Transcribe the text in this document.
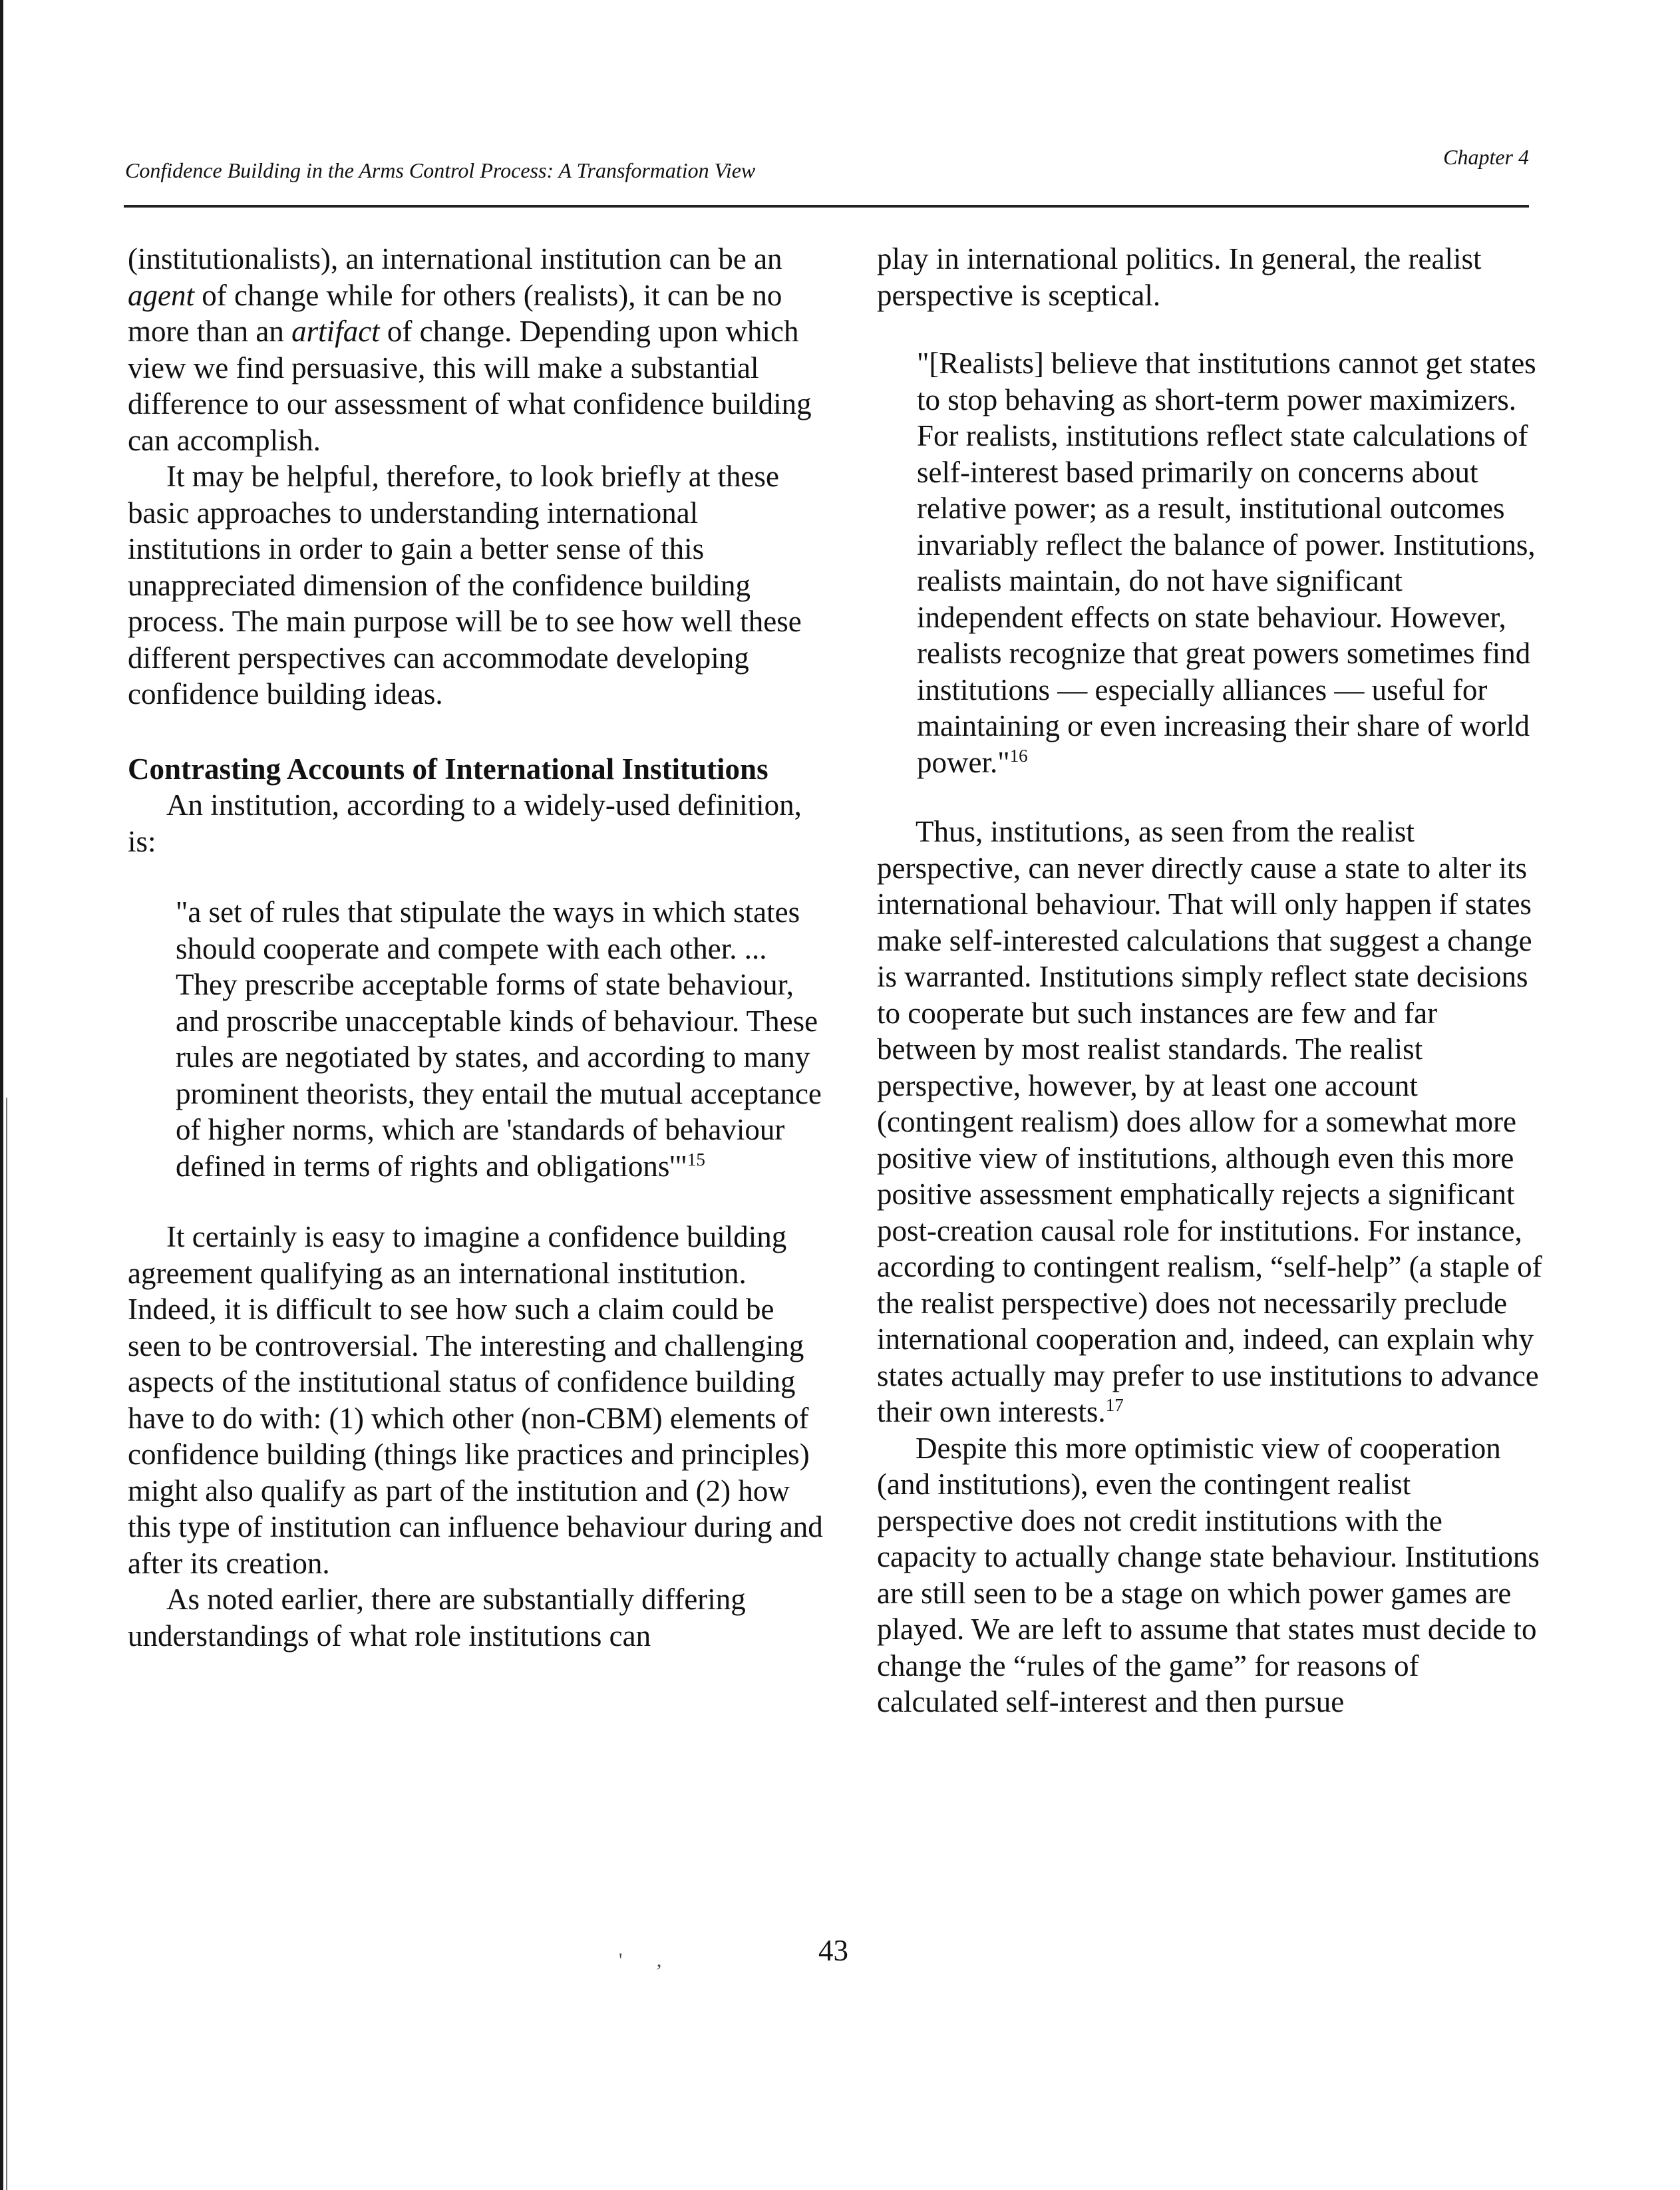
Confidence Building in the Arms Control Process: A Transformation View
Chapter 4

(institutionalists), an international institution can be an agent of change while for others (realists), it can be no more than an artifact of change. Depending upon which view we find persuasive, this will make a substantial difference to our assessment of what confidence building can accomplish.

It may be helpful, therefore, to look briefly at these basic approaches to understanding international institutions in order to gain a better sense of this unappreciated dimension of the confidence building process. The main purpose will be to see how well these different perspectives can accommodate developing confidence building ideas.

Contrasting Accounts of International Institutions

An institution, according to a widely-used definition, is:

"a set of rules that stipulate the ways in which states should cooperate and compete with each other. ... They prescribe acceptable forms of state behaviour, and proscribe unacceptable kinds of behaviour. These rules are negotiated by states, and according to many prominent theorists, they entail the mutual acceptance of higher norms, which are 'standards of behaviour defined in terms of rights and obligations'"$^{15}$

It certainly is easy to imagine a confidence building agreement qualifying as an international institution. Indeed, it is difficult to see how such a claim could be seen to be controversial. The interesting and challenging aspects of the institutional status of confidence building have to do with: (1) which other (non-CBM) elements of confidence building (things like practices and principles) might also qualify as part of the institution and (2) how this type of institution can influence behaviour during and after its creation.

As noted earlier, there are substantially differing understandings of what role institutions can

play in international politics. In general, the realist perspective is sceptical.

"[Realists] believe that institutions cannot get states to stop behaving as short-term power maximizers. For realists, institutions reflect state calculations of self-interest based primarily on concerns about relative power; as a result, institutional outcomes invariably reflect the balance of power. Institutions, realists maintain, do not have significant independent effects on state behaviour. However, realists recognize that great powers sometimes find institutions — especially alliances — useful for maintaining or even increasing their share of world power."$^{16}$

Thus, institutions, as seen from the realist perspective, can never directly cause a state to alter its international behaviour. That will only happen if states make self-interested calculations that suggest a change is warranted. Institutions simply reflect state decisions to cooperate but such instances are few and far between by most realist standards. The realist perspective, however, by at least one account (contingent realism) does allow for a somewhat more positive view of institutions, although even this more positive assessment emphatically rejects a significant post-creation causal role for institutions. For instance, according to contingent realism, “self-help” (a staple of the realist perspective) does not necessarily preclude international cooperation and, indeed, can explain why states actually may prefer to use institutions to advance their own interests.$^{17}$

Despite this more optimistic view of cooperation (and institutions), even the contingent realist perspective does not credit institutions with the capacity to actually change state behaviour. Institutions are still seen to be a stage on which power games are played. We are left to assume that states must decide to change the “rules of the game” for reasons of calculated self-interest and then pursue

' ,	43
